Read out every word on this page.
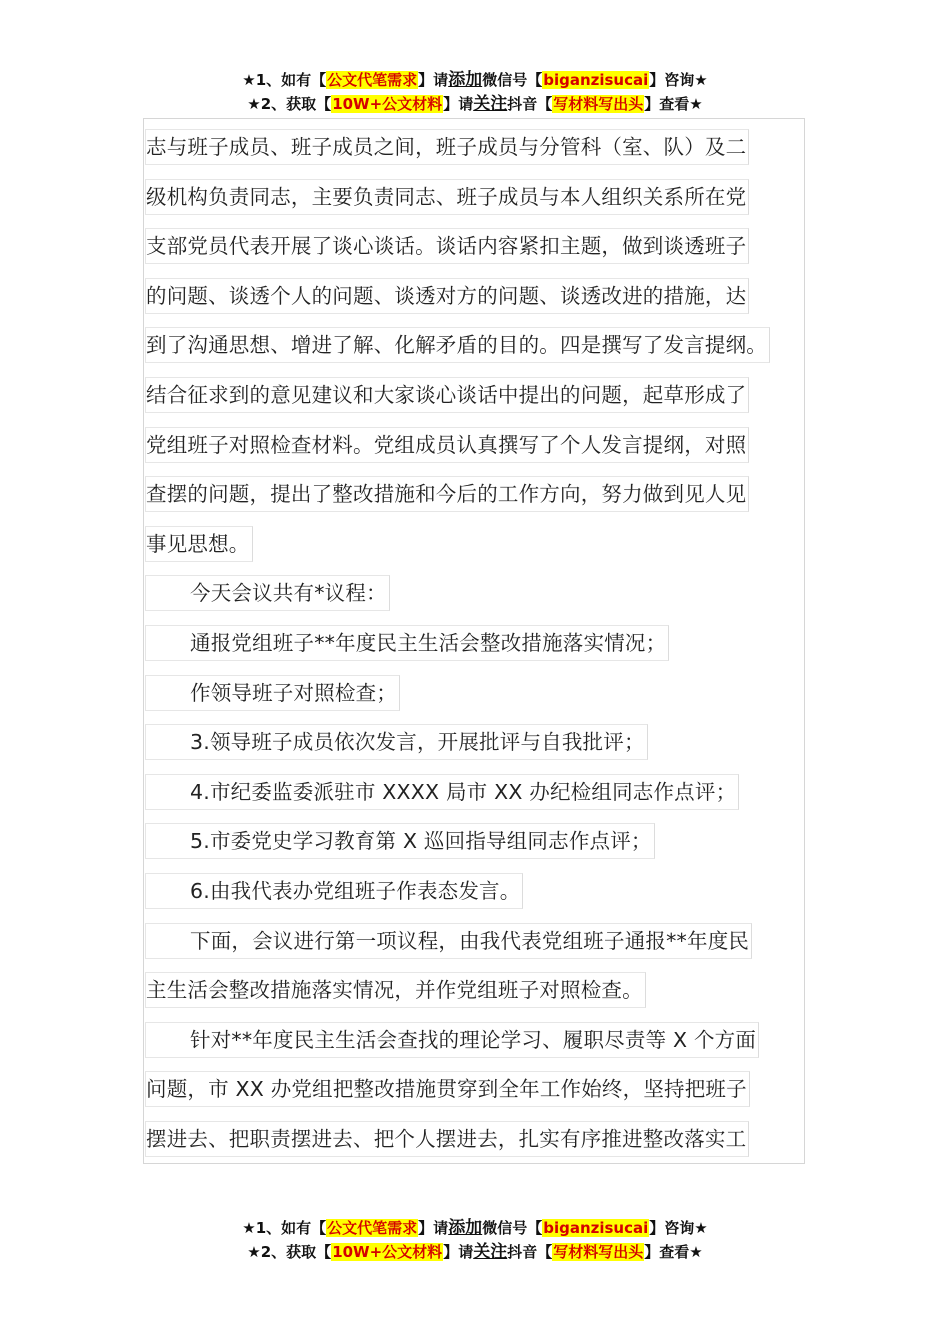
★1、如有【公文代笔需求】请添加微信号【biganzisucai】咨询★
★2、获取【10W+公文材料】请关注抖音【写材料写出头】查看★
志与班子成员、班子成员之间，班子成员与分管科（室、队）及二
级机构负责同志，主要负责同志、班子成员与本人组织关系所在党
支部党员代表开展了谈心谈话。谈话内容紧扣主题，做到谈透班子
的问题、谈透个人的问题、谈透对方的问题、谈透改进的措施，达
到了沟通思想、增进了解、化解矛盾的目的。四是撰写了发言提纲。
结合征求到的意见建议和大家谈心谈话中提出的问题，起草形成了
党组班子对照检查材料。党组成员认真撰写了个人发言提纲，对照
查摆的问题，提出了整改措施和今后的工作方向，努力做到见人见
事见思想。
今天会议共有*议程：
通报党组班子**年度民主生活会整改措施落实情况；
作领导班子对照检查；
3.领导班子成员依次发言，开展批评与自我批评；
4.市纪委监委派驻市 XXXX 局市 XX 办纪检组同志作点评；
5.市委党史学习教育第 X 巡回指导组同志作点评；
6.由我代表办党组班子作表态发言。
下面，会议进行第一项议程，由我代表党组班子通报**年度民
主生活会整改措施落实情况，并作党组班子对照检查。
针对**年度民主生活会查找的理论学习、履职尽责等 X 个方面
问题，市 XX 办党组把整改措施贯穿到全年工作始终，坚持把班子
摆进去、把职责摆进去、把个人摆进去，扎实有序推进整改落实工
★1、如有【公文代笔需求】请添加微信号【biganzisucai】咨询★
★2、获取【10W+公文材料】请关注抖音【写材料写出头】查看★
